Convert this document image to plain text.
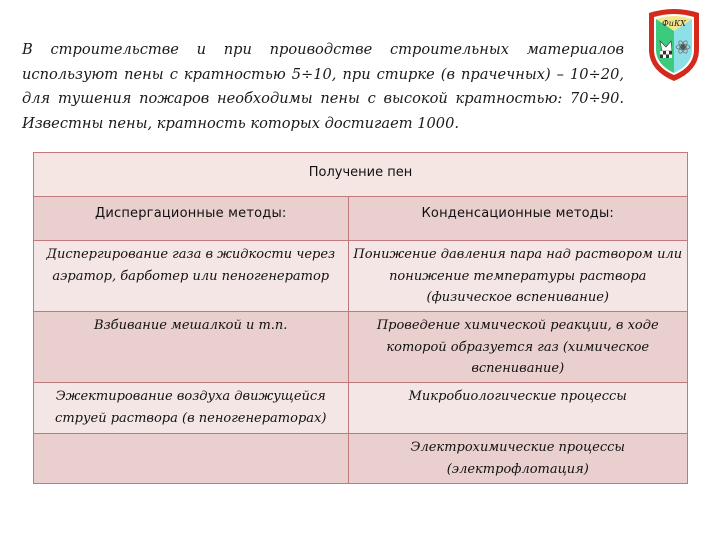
В строительстве и при проиводстве строительных материалов используют пены с кратностью 5÷10, при стирке (в прачечных) – 10÷20, для тушения пожаров необходимы пены с высокой кратностью: 70÷90. Известны пены, кратность которых достигает 1000.

ФиКХ
Получение пен	
Диспергационные методы:	Конденсационные методы:
Диспергирование газа в жидкости через аэратор, барботер или пеногенератор	Понижение давления пара над раствором или понижение температуры раствора (физическое вспенивание)
Взбивание мешалкой и т.п.	Проведение химической реакции, в ходе которой образуется газ (химическое вспенивание)
Эжектирование воздуха движущейся струей раствора (в пеногенераторах)	Микробиологические процессы
	Электрохимические процессы (электрофлотация)
